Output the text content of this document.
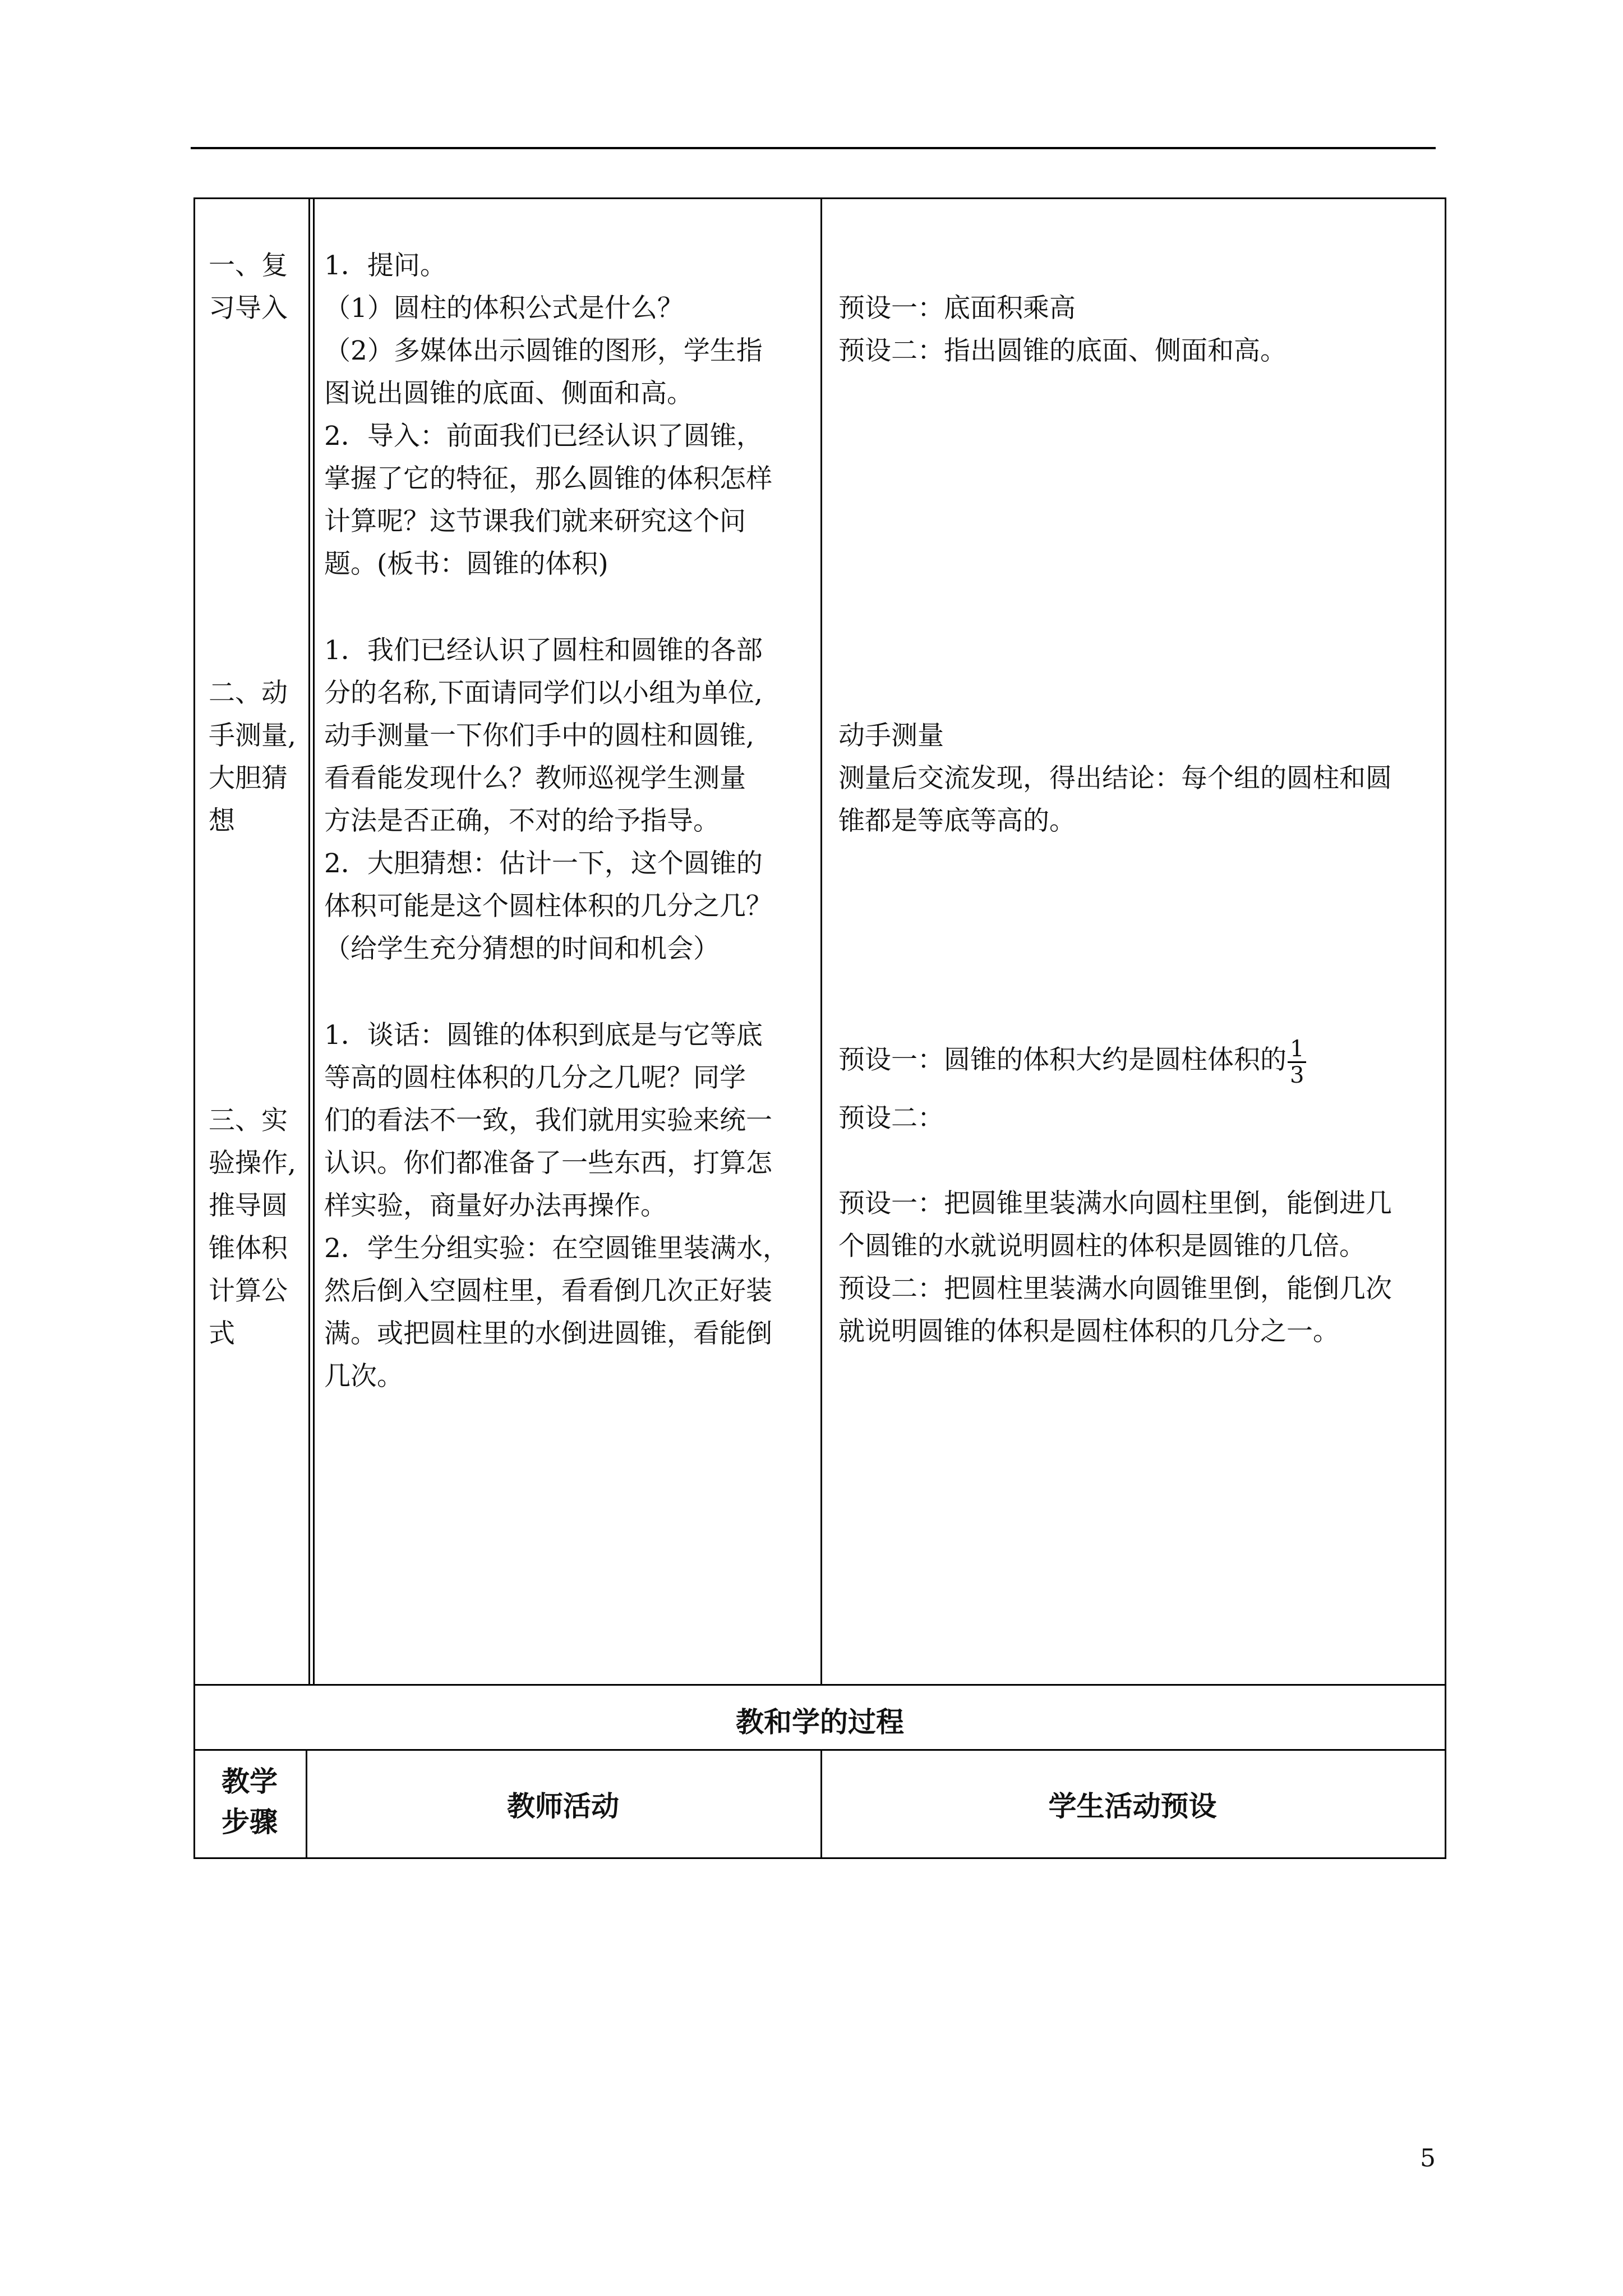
一、复
习导入
1．提问。
（1）圆柱的体积公式是什么？
（2）多媒体出示圆锥的图形，学生指
图说出圆锥的底面、侧面和高。
2．导入：前面我们已经认识了圆锥，
掌握了它的特征，那么圆锥的体积怎样
计算呢？这节课我们就来研究这个问
题。(板书：圆锥的体积)
预设一：底面积乘高
预设二：指出圆锥的底面、侧面和高。
二、动
手测量,
大胆猜
想
1．我们已经认识了圆柱和圆锥的各部
分的名称,下面请同学们以小组为单位,
动手测量一下你们手中的圆柱和圆锥,
看看能发现什么？教师巡视学生测量
方法是否正确，不对的给予指导。
2．大胆猜想：估计一下，这个圆锥的
体积可能是这个圆柱体积的几分之几？
（给学生充分猜想的时间和机会）
动手测量
测量后交流发现，得出结论：每个组的圆柱和圆
锥都是等底等高的。
三、实
验操作,
推导圆
锥体积
计算公
式
1．谈话：圆锥的体积到底是与它等底
等高的圆柱体积的几分之几呢？同学
们的看法不一致，我们就用实验来统一
认识。你们都准备了一些东西，打算怎
样实验，商量好办法再操作。
2．学生分组实验：在空圆锥里装满水，
然后倒入空圆柱里，看看倒几次正好装
满。或把圆柱里的水倒进圆锥，看能倒
几次。
预设一：圆锥的体积大约是圆柱体积的 $\frac{1}{3}$
预设二：
预设一：把圆锥里装满水向圆柱里倒，能倒进几
个圆锥的水就说明圆柱的体积是圆锥的几倍。
预设二：把圆柱里装满水向圆锥里倒，能倒几次
就说明圆锥的体积是圆柱体积的几分之一。
教和学的过程
教学
步骤	教师活动	学生活动预设
5
